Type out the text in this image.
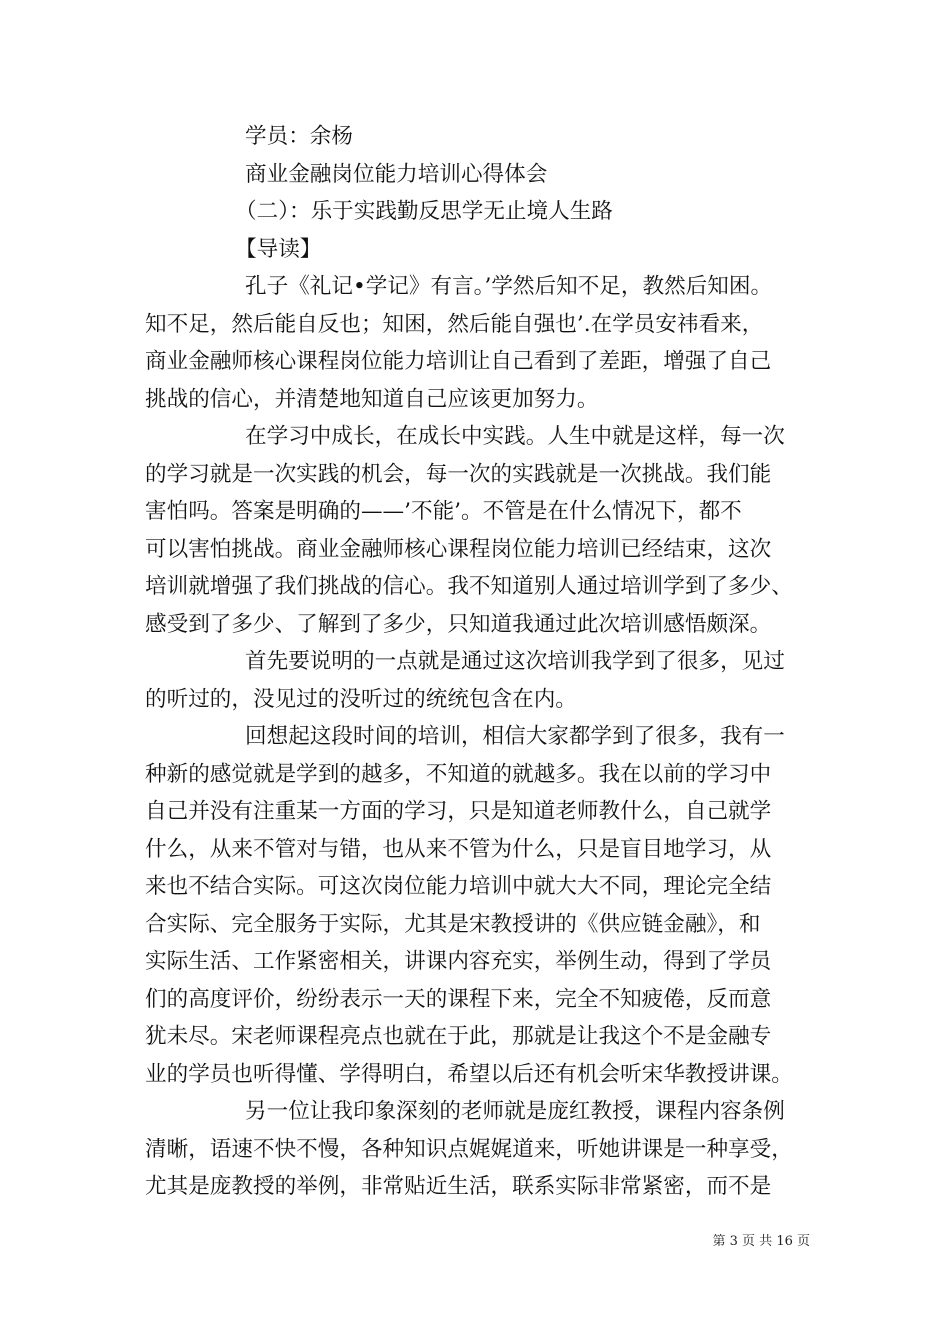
学员：余杨
商业金融岗位能力培训心得体会
（二）：乐于实践勤反思学无止境人生路
【导读】
孔子《礼记•学记》有言。’学然后知不足，教然后知困。
知不足，然后能自反也；知困，然后能自强也’.在学员安祎看来，
商业金融师核心课程岗位能力培训让自己看到了差距，增强了自己
挑战的信心，并清楚地知道自己应该更加努力。
在学习中成长，在成长中实践。人生中就是这样，每一次
的学习就是一次实践的机会，每一次的实践就是一次挑战。我们能
害怕吗。答案是明确的——’不能’。不管是在什么情况下，都不
可以害怕挑战。商业金融师核心课程岗位能力培训已经结束，这次
培训就增强了我们挑战的信心。我不知道别人通过培训学到了多少、
感受到了多少、了解到了多少，只知道我通过此次培训感悟颇深。
首先要说明的一点就是通过这次培训我学到了很多，见过
的听过的，没见过的没听过的统统包含在内。
回想起这段时间的培训，相信大家都学到了很多，我有一
种新的感觉就是学到的越多，不知道的就越多。我在以前的学习中
自己并没有注重某一方面的学习，只是知道老师教什么，自己就学
什么，从来不管对与错，也从来不管为什么，只是盲目地学习，从
来也不结合实际。可这次岗位能力培训中就大大不同，理论完全结
合实际、完全服务于实际，尤其是宋教授讲的《供应链金融》，和
实际生活、工作紧密相关，讲课内容充实，举例生动，得到了学员
们的高度评价，纷纷表示一天的课程下来，完全不知疲倦，反而意
犹未尽。宋老师课程亮点也就在于此，那就是让我这个不是金融专
业的学员也听得懂、学得明白，希望以后还有机会听宋华教授讲课。
另一位让我印象深刻的老师就是庞红教授，课程内容条例
清晰，语速不快不慢，各种知识点娓娓道来，听她讲课是一种享受，
尤其是庞教授的举例，非常贴近生活，联系实际非常紧密，而不是
第 3 页 共 16 页
